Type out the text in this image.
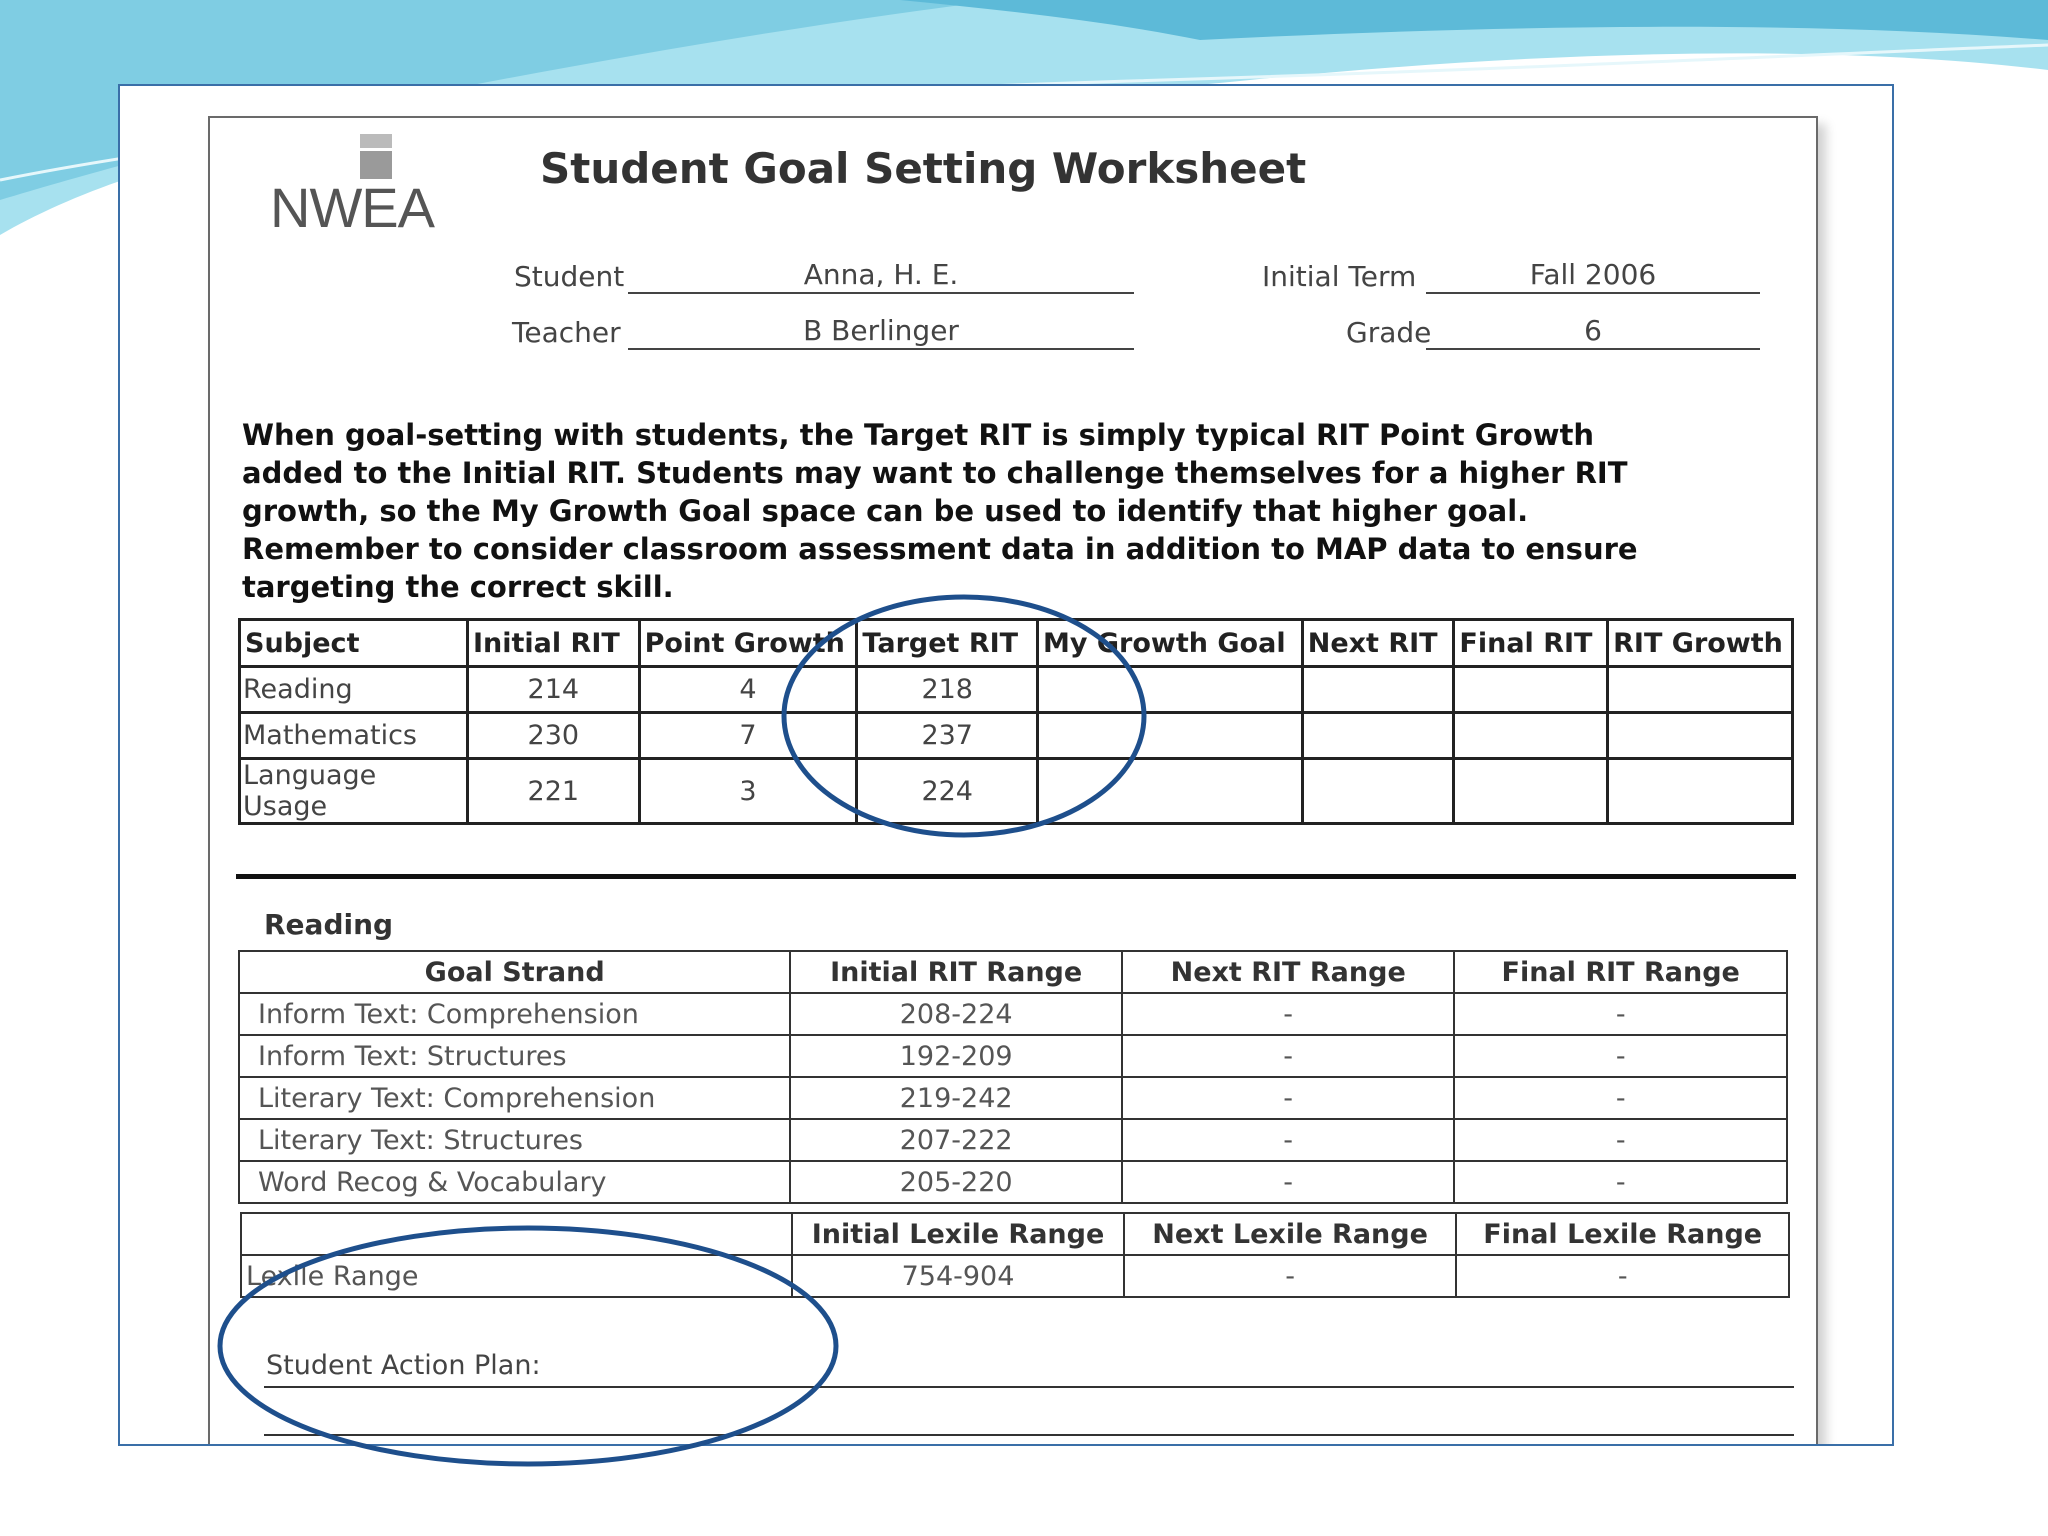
NWEA
Student Goal Setting Worksheet
Student	Anna, H. E.
Teacher	B Berlinger
Initial Term	Fall 2006
Grade	6
When goal-setting with students, the Target RIT is simply typical RIT Point Growth
added to the Initial RIT. Students may want to challenge themselves for a higher RIT
growth, so the My Growth Goal space can be used to identify that higher goal.
Remember to consider classroom assessment data in addition to MAP data to ensure
targeting the correct skill.
Subject	Initial RIT	Point Growth	Target RIT	My Growth Goal	Next RIT	Final RIT	RIT Growth
Reading	214	4	218				
Mathematics	230	7	237				
Language Usage	221	3	224				
Reading
Goal Strand	Initial RIT Range	Next RIT Range	Final RIT Range
Inform Text: Comprehension	208-224	-	-
Inform Text: Structures	192-209	-	-
Literary Text: Comprehension	219-242	-	-
Literary Text: Structures	207-222	-	-
Word Recog & Vocabulary	205-220	-	-
	Initial Lexile Range	Next Lexile Range	Final Lexile Range
Lexile Range	754-904	-	-
Student Action Plan:
